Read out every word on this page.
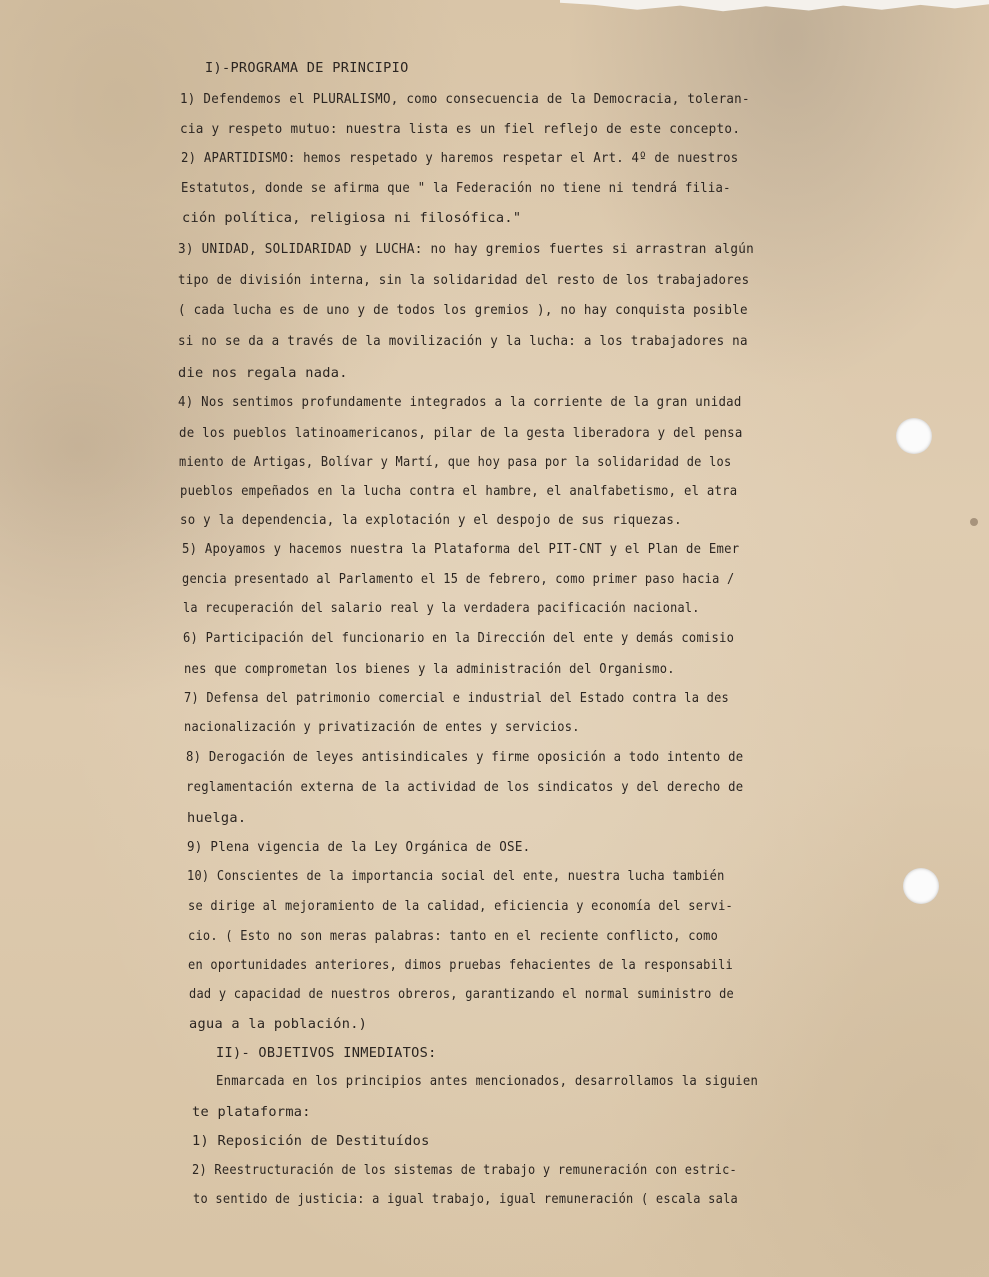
I)-PROGRAMA DE PRINCIPIO
1) Defendemos el PLURALISMO, como consecuencia de la Democracia, toleran-
cia y respeto mutuo: nuestra lista es un fiel reflejo de este concepto.
2) APARTIDISMO: hemos respetado y haremos respetar el Art. 4º de nuestros
Estatutos, donde se afirma que " la Federación no tiene ni tendrá filia-
ción política, religiosa ni filosófica."
3) UNIDAD, SOLIDARIDAD y LUCHA: no hay gremios fuertes si arrastran algún
tipo de división interna, sin la solidaridad del resto de los trabajadores
( cada lucha es de uno y de todos los gremios ), no hay conquista posible
si no se da a través de la movilización y la lucha: a los trabajadores na
die nos regala nada.
4) Nos sentimos profundamente integrados a la corriente de la gran unidad
de los pueblos latinoamericanos, pilar de la gesta liberadora y del pensa
miento de Artigas, Bolívar y Martí, que hoy pasa por la solidaridad de los
pueblos empeñados en la lucha contra el hambre, el analfabetismo, el atra
so y la dependencia, la explotación y el despojo de sus riquezas.
5) Apoyamos y hacemos nuestra la Plataforma del PIT-CNT y el Plan de Emer
gencia presentado al Parlamento el 15 de febrero, como primer paso hacia /
la recuperación del salario real y la verdadera pacificación nacional.
6) Participación del funcionario en la Dirección del ente y demás comisio
nes que comprometan los bienes y la administración del Organismo.
7) Defensa del patrimonio comercial e industrial del Estado contra la des
nacionalización y privatización de entes y servicios.
8) Derogación de leyes antisindicales y firme oposición a todo intento de
reglamentación externa de la actividad de los sindicatos y del derecho de
huelga.
9) Plena vigencia de la Ley Orgánica de OSE.
10) Conscientes de la importancia social del ente, nuestra lucha también
se dirige al mejoramiento de la calidad, eficiencia y economía del servi-
cio. ( Esto no son meras palabras: tanto en el reciente conflicto, como
en oportunidades anteriores, dimos pruebas fehacientes de la responsabili
dad y capacidad de nuestros obreros, garantizando el normal suministro de
agua a la población.)
II)- OBJETIVOS INMEDIATOS:
Enmarcada en los principios antes mencionados, desarrollamos la siguien
te plataforma:
1) Reposición de Destituídos
2) Reestructuración de los sistemas de trabajo y remuneración con estric-
to sentido de justicia: a igual trabajo, igual remuneración ( escala sala
